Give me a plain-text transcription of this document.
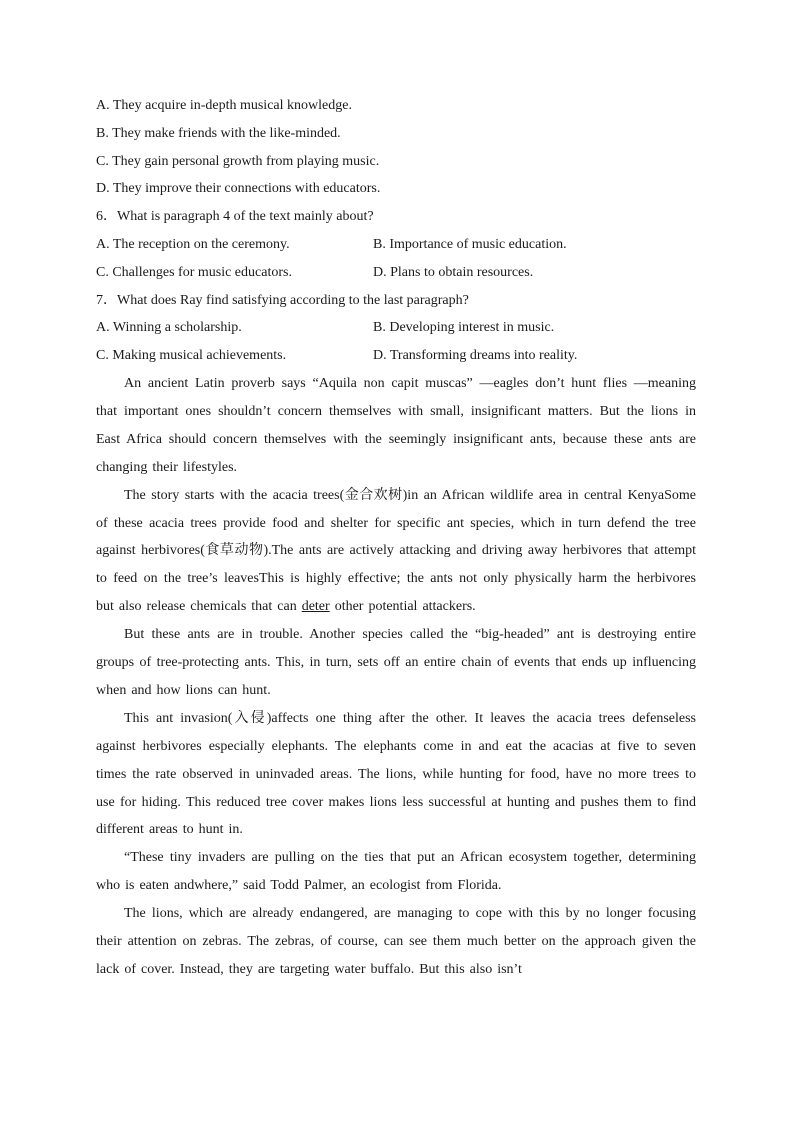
A. They acquire in-depth musical knowledge.

B. They make friends with the like-minded.

C. They gain personal growth from playing music.

D. They improve their connections with educators.

6．What is paragraph 4 of the text mainly about?

A. The reception on the ceremony.	B. Importance of music education.
C. Challenges for music educators.	D. Plans to obtain resources.

7．What does Ray find satisfying according to the last paragraph?

A. Winning a scholarship.	B. Developing interest in music.
C. Making musical achievements.	D. Transforming dreams into reality.

An ancient Latin proverb says “Aquila non capit muscas” —eagles don’t hunt flies —meaning that important ones shouldn’t concern themselves with small, insignificant matters. But the lions in East Africa should concern themselves with the seemingly insignificant ants, because these ants are changing their lifestyles.

The story starts with the acacia trees(金合欢树)in an African wildlife area in central KenyaSome of these acacia trees provide food and shelter for specific ant species, which in turn defend the tree against herbivores(食草动物).The ants are actively attacking and driving away herbivores that attempt to feed on the tree’s leavesThis is highly effective; the ants not only physically harm the herbivores but also release chemicals that can deter other potential attackers.

But these ants are in trouble. Another species called the “big-headed” ant is destroying entire groups of tree-protecting ants. This, in turn, sets off an entire chain of events that ends up influencing when and how lions can hunt.

This ant invasion(入侵)affects one thing after the other. It leaves the acacia trees defenseless against herbivores especially elephants. The elephants come in and eat the acacias at five to seven times the rate observed in uninvaded areas. The lions, while hunting for food, have no more trees to use for hiding. This reduced tree cover makes lions less successful at hunting and pushes them to find different areas to hunt in.

“These tiny invaders are pulling on the ties that put an African ecosystem together, determining who is eaten andwhere,” said Todd Palmer, an ecologist from Florida.

The lions, which are already endangered, are managing to cope with this by no longer focusing their attention on zebras. The zebras, of course, can see them much better on the approach given the lack of cover. Instead, they are targeting water buffalo. But this also isn’t
